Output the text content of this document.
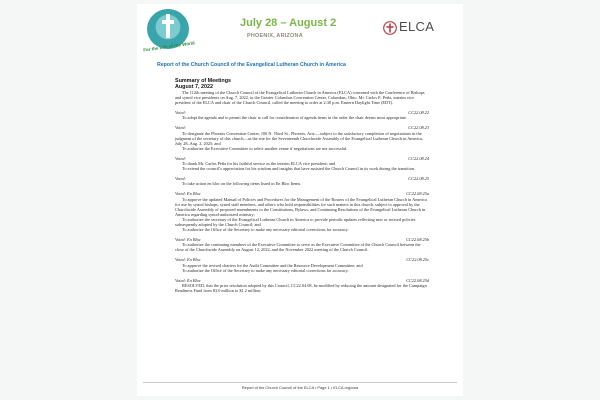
For the Life of the World
July 28 – August 2
PHOENIX, ARIZONA
ELCA
Report of the Church Council of the Evangelical Lutheran Church in America
Summary of Meetings
August 7, 2022

The 112th meeting of the Church Council of the Evangelical Lutheran Church in America (ELCA) convened with the Conference of Bishops and synod vice presidents on Aug. 7, 2022, in the Greater Columbus Convention Center, Columbus, Ohio. Mr. Carlos E. Peña, interim vice president of the ELCA and chair of the Church Council, called the meeting to order at 2:30 p.m. Eastern Daylight Time (EDT).

Voted:	CC22.08.22

To adopt the agenda and to permit the chair to call for consideration of agenda items in the order the chair deems most appropriate.

Voted:	CC22.08.23

To designate the Phoenix Convention Center, 100 N. Third St., Phoenix, Ariz.—subject to the satisfactory completion of negotiations in the judgment of the secretary of this church—as the site for the Seventeenth Churchwide Assembly of the Evangelical Lutheran Church in America, July 28–Aug. 2, 2025; and

To authorize the Executive Committee to select another venue if negotiations are not successful.

Voted:	CC22.08.24

To thank Mr. Carlos Peña for his faithful service as the interim ELCA vice president; and

To extend the council’s appreciation for his wisdom and insights that have assisted the Church Council in its work during the transition.

Voted:	CC22.08.25

To take action en bloc on the following items listed in En Bloc Items.

Voted: En Bloc	CC22.08.25a

To approve the updated Manual of Policies and Procedures for the Management of the Rosters of the Evangelical Lutheran Church in America for use by synod bishops, synod staff members, and others who hold responsibilities for such matters in this church, subject to approval by the Churchwide Assembly of proposed amendments to the Constitutions, Bylaws, and Continuing Resolutions of the Evangelical Lutheran Church in America regarding synod-authorized ministry;

To authorize the secretary of the Evangelical Lutheran Church in America to provide periodic updates reflecting new or revised policies subsequently adopted by the Church Council; and

To authorize the Office of the Secretary to make any necessary editorial corrections for accuracy.

Voted: En Bloc	CC22.08.25b

To authorize the continuing members of the Executive Committee to serve as the Executive Committee of the Church Council between the close of the Churchwide Assembly on August 12, 2022, and the November 2022 meeting of the Church Council.

Voted: En Bloc	CC22.08.25c

To approve the revised charters for the Audit Committee and the Resource Development Committee; and

To authorize the Office of the Secretary to make any necessary editorial corrections for accuracy.

Voted: En Bloc	CC22.08.25d

RESOLVED, that the prior resolution adopted by this Council, CC22.04.08, be modified by reducing the amount designated for the Campaign Readiness Fund from $3.0 million to $1.2 million.

Report of the Church Council of the ELCA • Page 1 • ELCA.org/cwa
